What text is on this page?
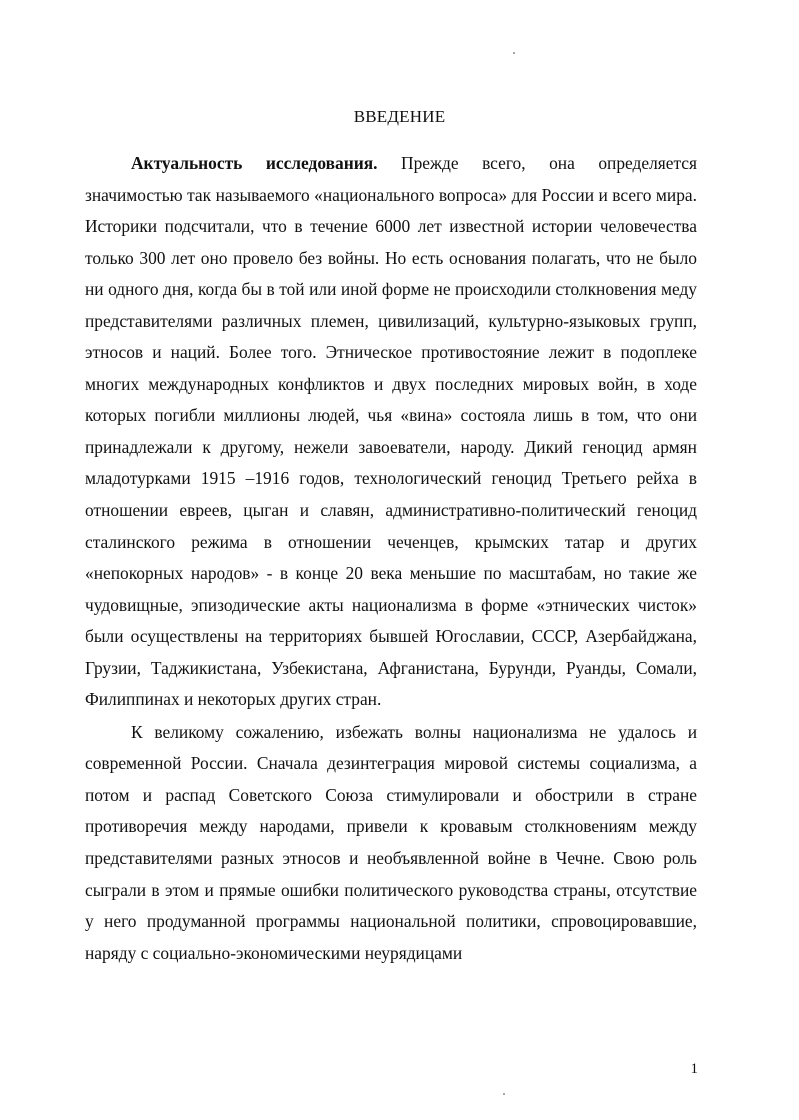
ВВЕДЕНИЕ

Актуальность исследования. Прежде всего, она определяется значимостью так называемого «национального вопроса» для России и всего мира. Историки подсчитали, что в течение 6000 лет известной истории человечества только 300 лет оно провело без войны. Но есть основания полагать, что не было ни одного дня, когда бы в той или иной форме не происходили столкновения меду представителями различных племен, цивилизаций, культурно-языковых групп, этносов и наций. Более того. Этническое противостояние лежит в подоплеке многих международных конфликтов и двух последних мировых войн, в ходе которых погибли миллионы людей, чья «вина» состояла лишь в том, что они принадлежали к другому, нежели завоеватели, народу. Дикий геноцид армян младотурками 1915 –1916 годов, технологический геноцид Третьего рейха в отношении евреев, цыган и славян, административно-политический геноцид сталинского режима в отношении чеченцев, крымских татар и других «непокорных народов» - в конце 20 века меньшие по масштабам, но такие же чудовищные, эпизодические акты национализма в форме «этнических чисток» были осуществлены на территориях бывшей Югославии, СССР, Азербайджана, Грузии, Таджикистана, Узбекистана, Афганистана, Бурунди, Руанды, Сомали, Филиппинах и некоторых других стран.

К великому сожалению, избежать волны национализма не удалось и современной России. Сначала дезинтеграция мировой системы социализма, а потом и распад Советского Союза стимулировали и обострили в стране противоречия между народами, привели к кровавым столкновениям между представителями разных этносов и необъявленной войне в Чечне. Свою роль сыграли в этом и прямые ошибки политического руководства страны, отсутствие у него продуманной программы национальной политики, спровоцировавшие, наряду с социально-экономическими неурядицами

1
